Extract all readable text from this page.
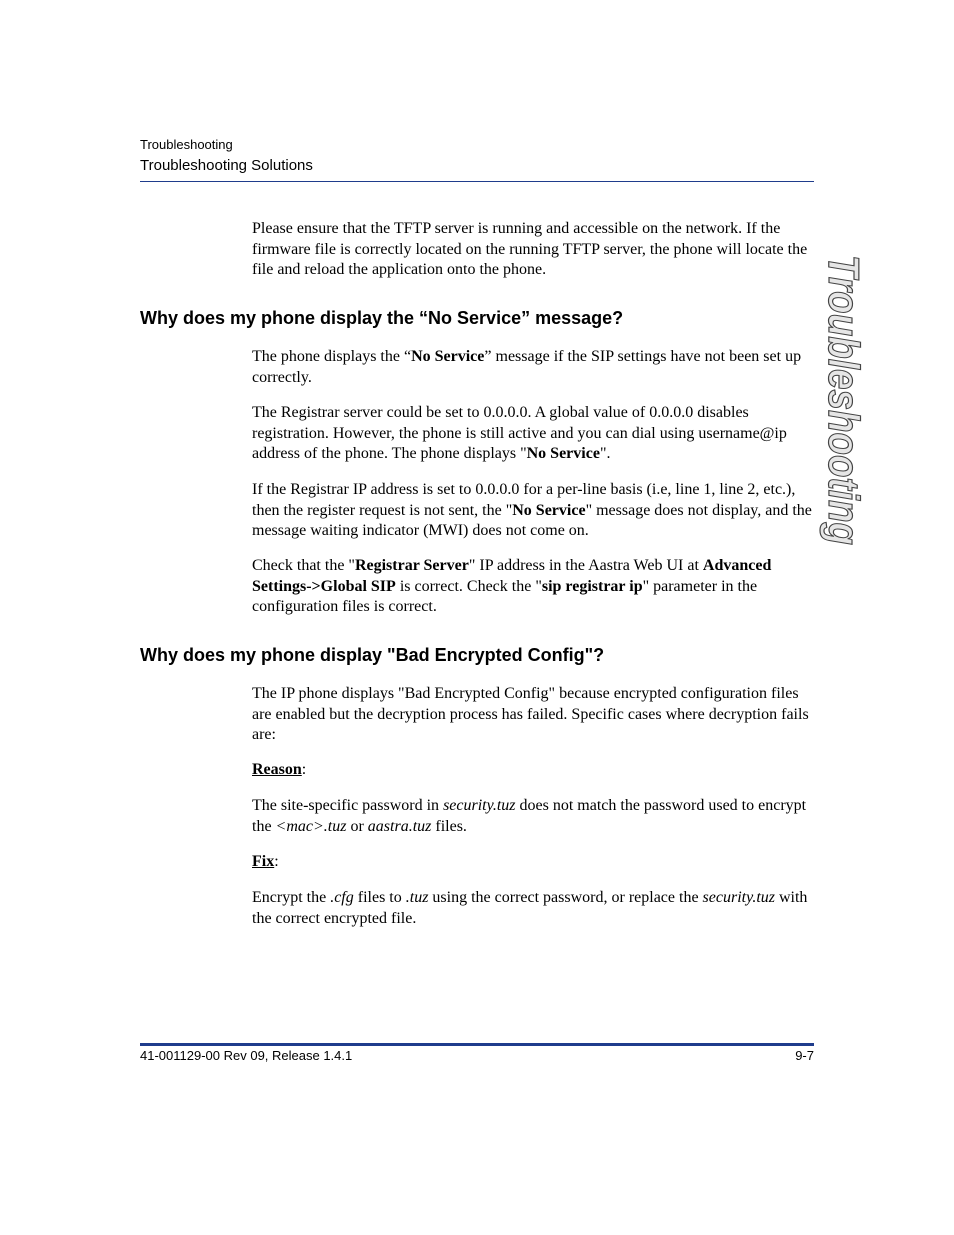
Troubleshooting
Troubleshooting Solutions
Troubleshooting

Please ensure that the TFTP server is running and accessible on the network. If the firmware file is correctly located on the running TFTP server, the phone will locate the file and reload the application onto the phone.

Why does my phone display the “No Service” message?

The phone displays the “No Service” message if the SIP settings have not been set up correctly.

The Registrar server could be set to 0.0.0.0. A global value of 0.0.0.0 disables registration. However, the phone is still active and you can dial using username@ip address of the phone. The phone displays "No Service".

If the Registrar IP address is set to 0.0.0.0 for a per-line basis (i.e, line 1, line 2, etc.), then the register request is not sent, the "No Service" message does not display, and the message waiting indicator (MWI) does not come on.

Check that the "Registrar Server" IP address in the Aastra Web UI at Advanced Settings->Global SIP is correct. Check the "sip registrar ip" parameter in the configuration files is correct.

Why does my phone display "Bad Encrypted Config"?

The IP phone displays "Bad Encrypted Config" because encrypted configuration files are enabled but the decryption process has failed. Specific cases where decryption fails are:

Reason:

The site-specific password in security.tuz does not match the password used to encrypt the <mac>.tuz or aastra.tuz files.

Fix:

Encrypt the .cfg files to .tuz using the correct password, or replace the security.tuz with the correct encrypted file.

41-001129-00 Rev 09, Release 1.4.1	9-7
